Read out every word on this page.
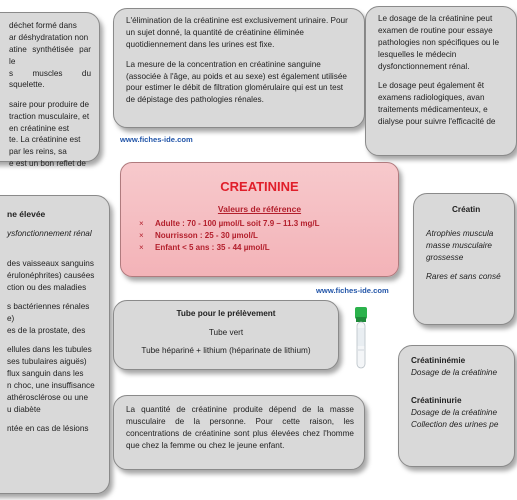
déchet formé dans

ar déshydratation non

atine synthétisée par le

s muscles du squelette.

saire pour produire de

traction musculaire, et

en créatinine est

te. La créatinine est

par les reins, sa

e est un bon reflet de

L'élimination de la créatinine est exclusivement urinaire. Pour un sujet donné, la quantité de créatinine éliminée quotidiennement dans les urines est fixe.

La mesure de la concentration en créatinine sanguine (associée à l'âge, au poids et au sexe) est également utilisée pour estimer le débit de filtration glomérulaire qui est un test de dépistage des pathologies rénales.

Le dosage de la créatinine peut

examen de routine pour essaye

pathologies non spécifiques ou le

lesquelles le médecin

dysfonctionnement rénal.

Le dosage peut également êt

examens radiologiques, avan

traitements médicamenteux, e

dialyse pour suivre l'efficacité de

www.fiches-ide.com
CREATININE
Valeurs de référence
× Adulte : 70 - 100 µmol/L soit 7.9 – 11.3 mg/L
× Nourrisson : 25 - 30 µmol/L
× Enfant < 5 ans : 35 - 44 µmol/L

ne élevée

ysfonctionnement rénal

des vaisseaux sanguins

érulonéphrites) causées

ction ou des maladies

s bactériennes rénales

e)

es de la prostate, des

ellules dans les tubules

ses tubulaires aiguës)

flux sanguin dans les

n choc, une insuffisance

athérosclérose ou une

u diabète

ntée en cas de lésions

Créatin

Atrophies muscula

masse musculaire

grossesse

Rares et sans consé

www.fiches-ide.com

Tube pour le prélèvement

Tube vert

Tube hépariné + lithium (héparinate de lithium)

La quantité de créatinine produite dépend de la masse musculaire de la personne. Pour cette raison, les concentrations de créatinine sont plus élevées chez l'homme que chez la femme ou chez le jeune enfant.

Créatininémie

Dosage de la créatinine

Créatininurie

Dosage de la créatinine

Collection des urines pe
